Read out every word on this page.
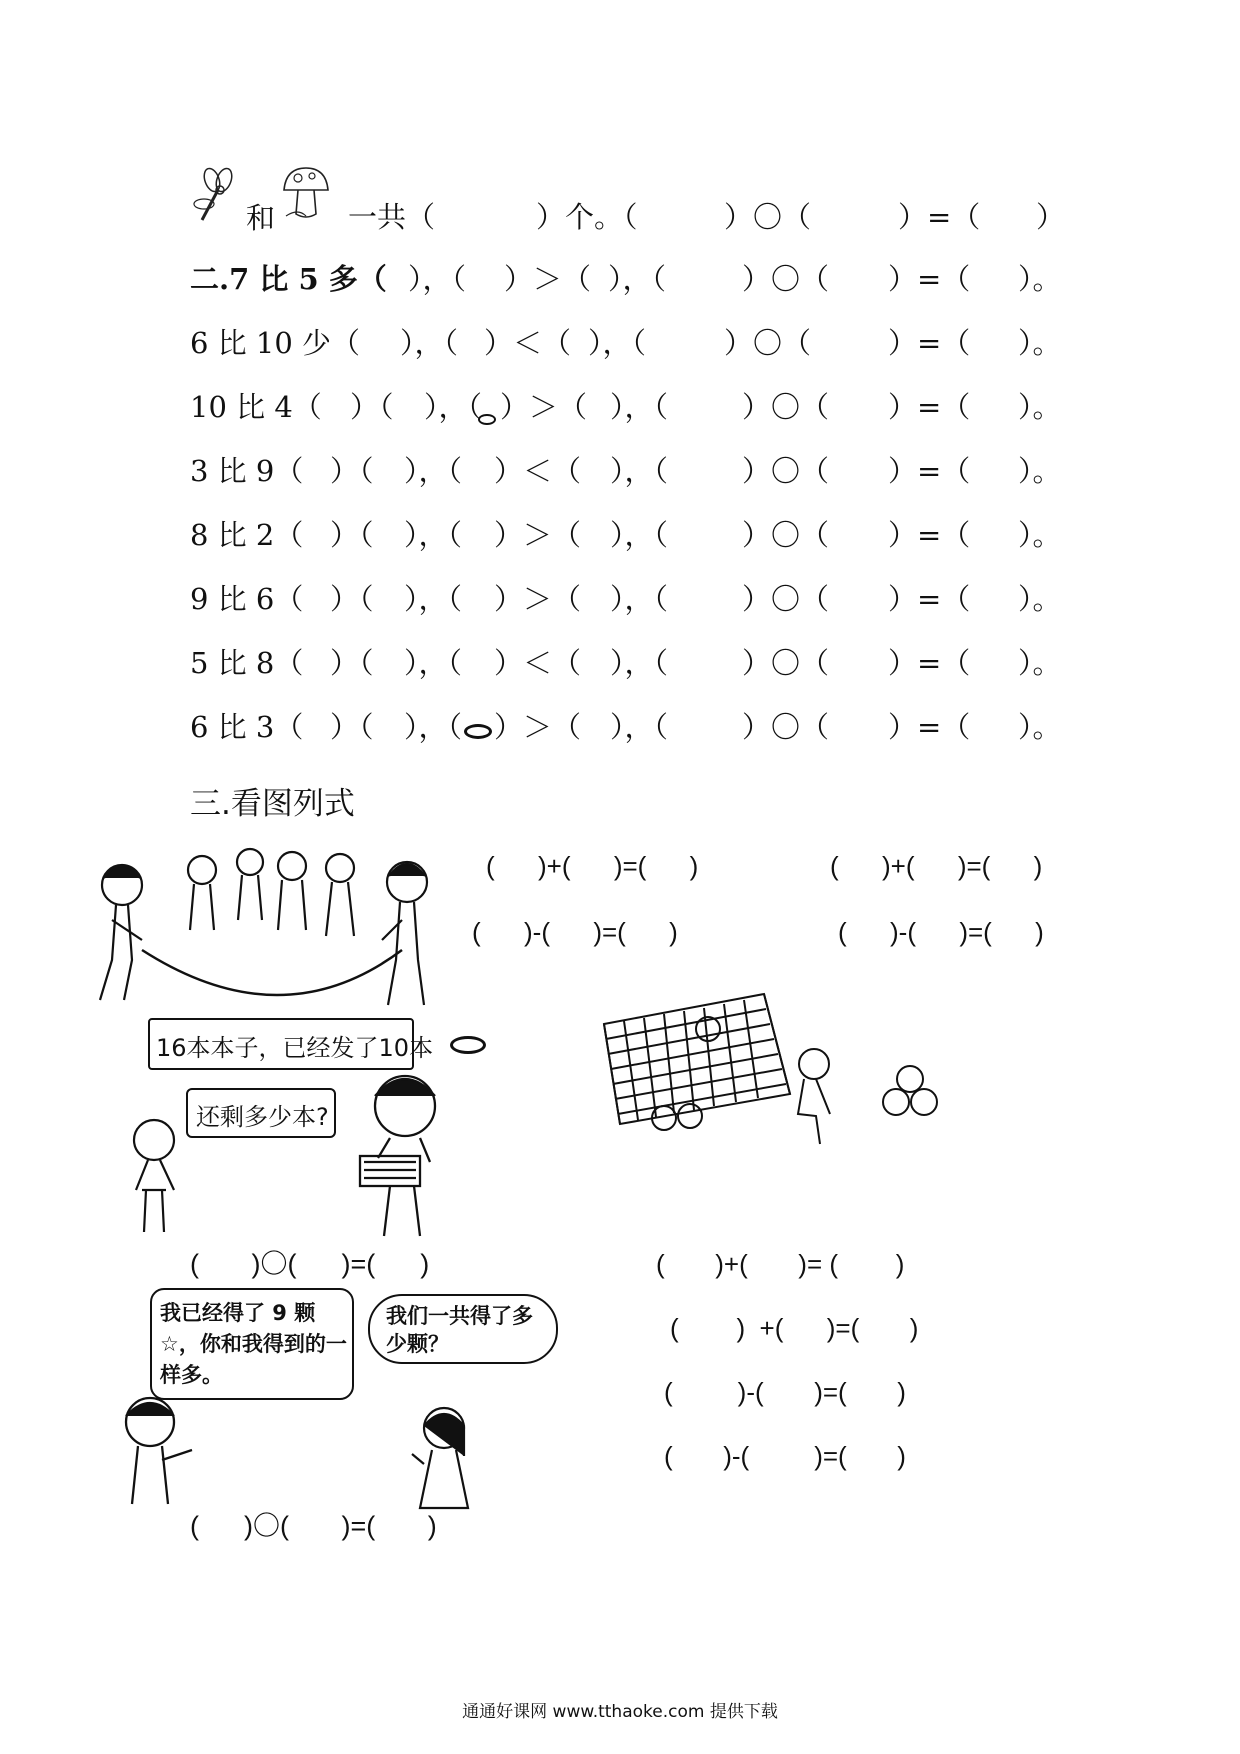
和

	一共（

	）个。（

	）〇（

	）=（

）

二.7 比 5 多（

），（

）＞（

），（

	）〇（

）=（

）。

6 比 10 少（

），（

）＜（

），（

	）〇（

	）=（

）。

10 比 4（

）（

），（

）＞（

），（

	）〇（

）=（

）。

3 比 9（

）（

），（

）＜（

），（

	）〇（

）=（

）。

8 比 2（

）（

），（

）＞（

），（

	）〇（

）=（

）。

9 比 6（

）（

），（

）＞（

），（

	）〇（

）=（

）。

5 比 8（

）（

），（

）＜（

），（

	）〇（

）=（

）。

6 比 3（

）（

），（

）＞（

），（

	）〇（

）=（

）。

三.看图列式
(      )+(      )=(      )	(      )+(      )=(      )
(      )-(      )=(      )	(      )-(      )=(      )
16本本子，已经发了10本
还剩多少本?
(       )〇(      )=(      )	(       )+(       )= (        )
(        )  +(      )=(       )
(         )-(       )=(       )
(       )-(         )=(       )
我已经得了 9 颗☆，你和我得到的一样多。
我们一共得了多少颗？
(      )〇(       )=(       )
通通好课网 www.tthaoke.com 提供下载
